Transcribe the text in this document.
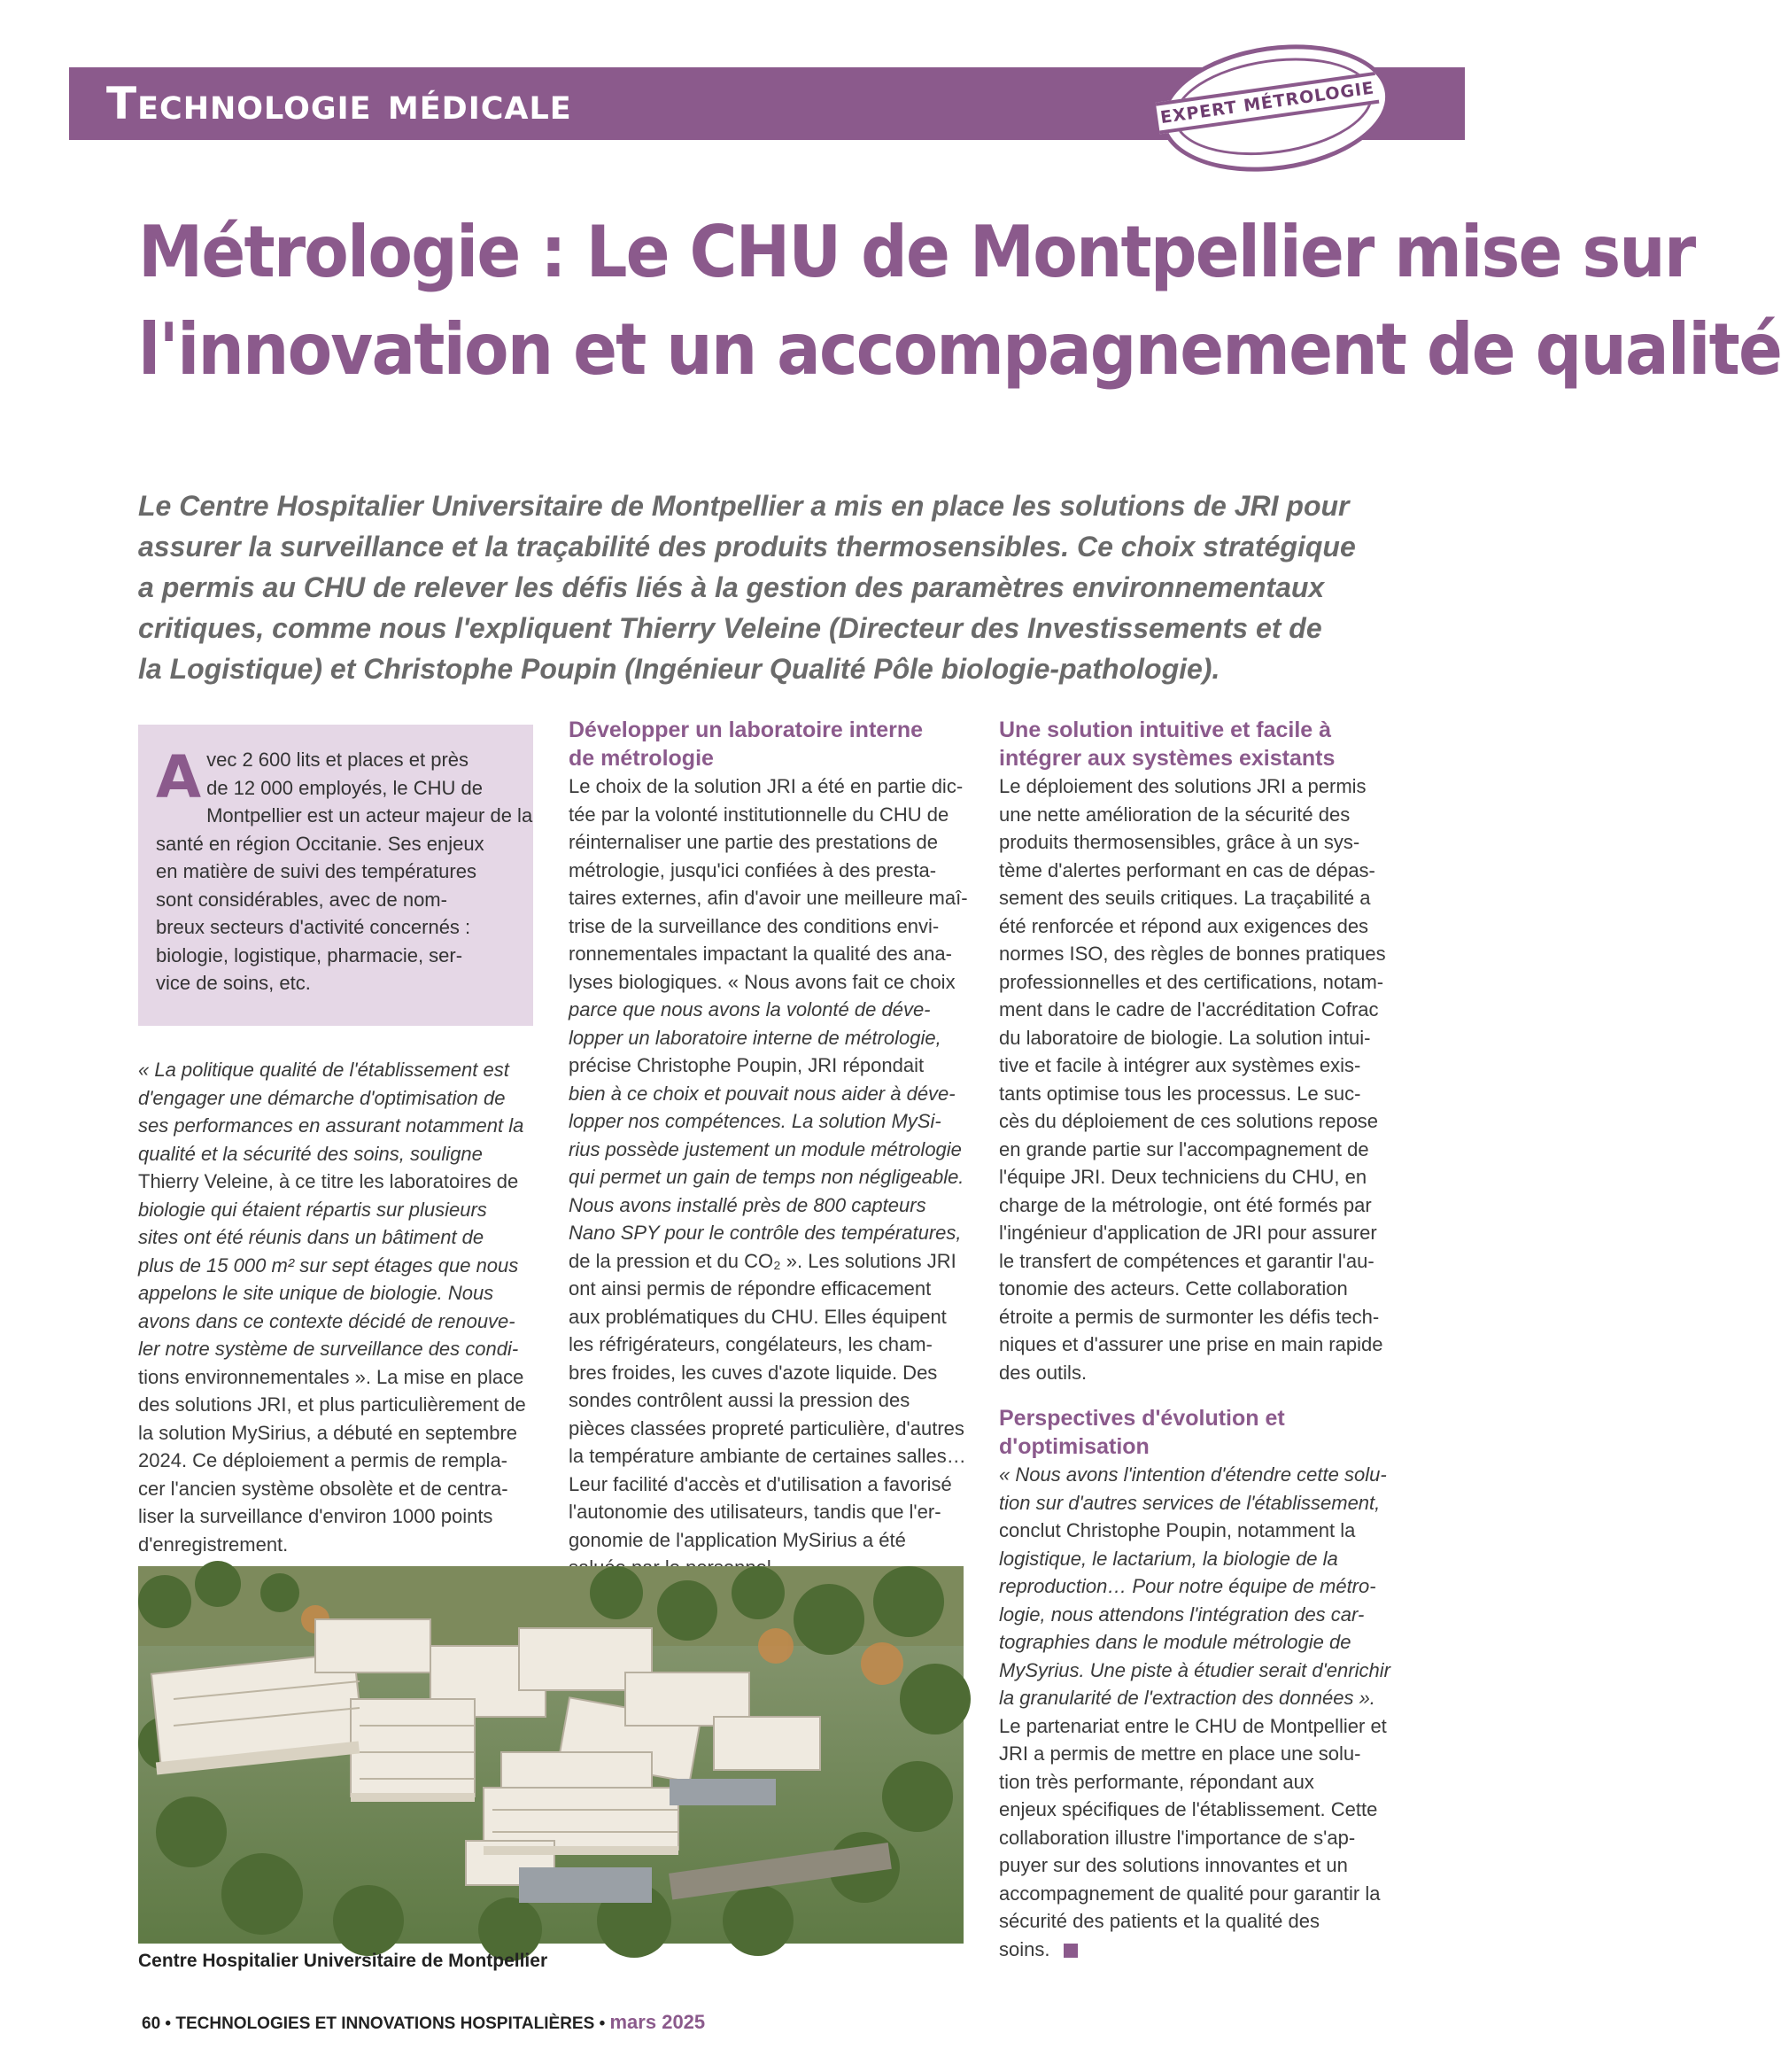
Technologie médicale	EXPERT MÉTROLOGIE
Métrologie : Le CHU de Montpellier mise sur
l'innovation et un accompagnement de qualité
Le Centre Hospitalier Universitaire de Montpellier a mis en place les solutions de JRI pour
assurer la surveillance et la traçabilité des produits thermosensibles. Ce choix stratégique
a permis au CHU de relever les défis liés à la gestion des paramètres environnementaux
critiques, comme nous l'expliquent Thierry Veleine (Directeur des Investissements et de
la Logistique) et Christophe Poupin (Ingénieur Qualité Pôle biologie-pathologie).
A vec 2 600 lits et places et près
de 12 000 employés, le CHU de
Montpellier est un acteur majeur de la
santé en région Occitanie. Ses enjeux
en matière de suivi des températures
sont considérables, avec de nom-
breux secteurs d'activité concernés :
biologie, logistique, pharmacie, ser-
vice de soins, etc.
« La politique qualité de l'établissement est
d'engager une démarche d'optimisation de
ses performances en assurant notamment la
qualité et la sécurité des soins, souligne
Thierry Veleine, à ce titre les laboratoires de
biologie qui étaient répartis sur plusieurs
sites ont été réunis dans un bâtiment de
plus de 15 000 m² sur sept étages que nous
appelons le site unique de biologie. Nous
avons dans ce contexte décidé de renouve-
ler notre système de surveillance des condi-
tions environnementales ». La mise en place
des solutions JRI, et plus particulièrement de
la solution MySirius, a débuté en septembre
2024. Ce déploiement a permis de rempla-
cer l'ancien système obsolète et de centra-
liser la surveillance d'environ 1000 points
d'enregistrement.
Développer un laboratoire interne
de métrologie
Le choix de la solution JRI a été en partie dic-
tée par la volonté institutionnelle du CHU de
réinternaliser une partie des prestations de
métrologie, jusqu'ici confiées à des presta-
taires externes, afin d'avoir une meilleure maî-
trise de la surveillance des conditions envi-
ronnementales impactant la qualité des ana-
lyses biologiques. « Nous avons fait ce choix
parce que nous avons la volonté de déve-
lopper un laboratoire interne de métrologie,
précise Christophe Poupin, JRI répondait
bien à ce choix et pouvait nous aider à déve-
lopper nos compétences. La solution MySi-
rius possède justement un module métrologie
qui permet un gain de temps non négligeable.
Nous avons installé près de 800 capteurs
Nano SPY pour le contrôle des températures,
de la pression et du CO₂ ». Les solutions JRI
ont ainsi permis de répondre efficacement
aux problématiques du CHU. Elles équipent
les réfrigérateurs, congélateurs, les cham-
bres froides, les cuves d'azote liquide. Des
sondes contrôlent aussi la pression des
pièces classées propreté particulière, d'autres
la température ambiante de certaines salles…
Leur facilité d'accès et d'utilisation a favorisé
l'autonomie des utilisateurs, tandis que l'er-
gonomie de l'application MySirius a été
Une solution intuitive et facile à
intégrer aux systèmes existants
Le déploiement des solutions JRI a permis
une nette amélioration de la sécurité des
produits thermosensibles, grâce à un sys-
tème d'alertes performant en cas de dépas-
sement des seuils critiques. La traçabilité a
été renforcée et répond aux exigences des
normes ISO, des règles de bonnes pratiques
professionnelles et des certifications, notam-
ment dans le cadre de l'accréditation Cofrac
du laboratoire de biologie. La solution intui-
tive et facile à intégrer aux systèmes exis-
tants optimise tous les processus. Le suc-
cès du déploiement de ces solutions repose
en grande partie sur l'accompagnement de
l'équipe JRI. Deux techniciens du CHU, en
charge de la métrologie, ont été formés par
l'ingénieur d'application de JRI pour assurer
le transfert de compétences et garantir l'au-
tonomie des acteurs. Cette collaboration
étroite a permis de surmonter les défis tech-
niques et d'assurer une prise en main rapide
des outils.
Perspectives d'évolution et
d'optimisation
« Nous avons l'intention d'étendre cette solu-
tion sur d'autres services de l'établissement,
conclut Christophe Poupin, notamment la
logistique, le lactarium, la biologie de la
reproduction… Pour notre équipe de métro-
logie, nous attendons l'intégration des car-
tographies dans le module métrologie de
MySyrius. Une piste à étudier serait d'enrichir
la granularité de l'extraction des données ».
Le partenariat entre le CHU de Montpellier et
JRI a permis de mettre en place une solu-
tion très performante, répondant aux
enjeux spécifiques de l'établissement. Cette
collaboration illustre l'importance de s'ap-
puyer sur des solutions innovantes et un
accompagnement de qualité pour garantir la
sécurité des patients et la qualité des
soins.
Centre Hospitalier Universitaire de Montpellier
60 • TECHNOLOGIES ET INNOVATIONS HOSPITALIÈRES • mars 2025
